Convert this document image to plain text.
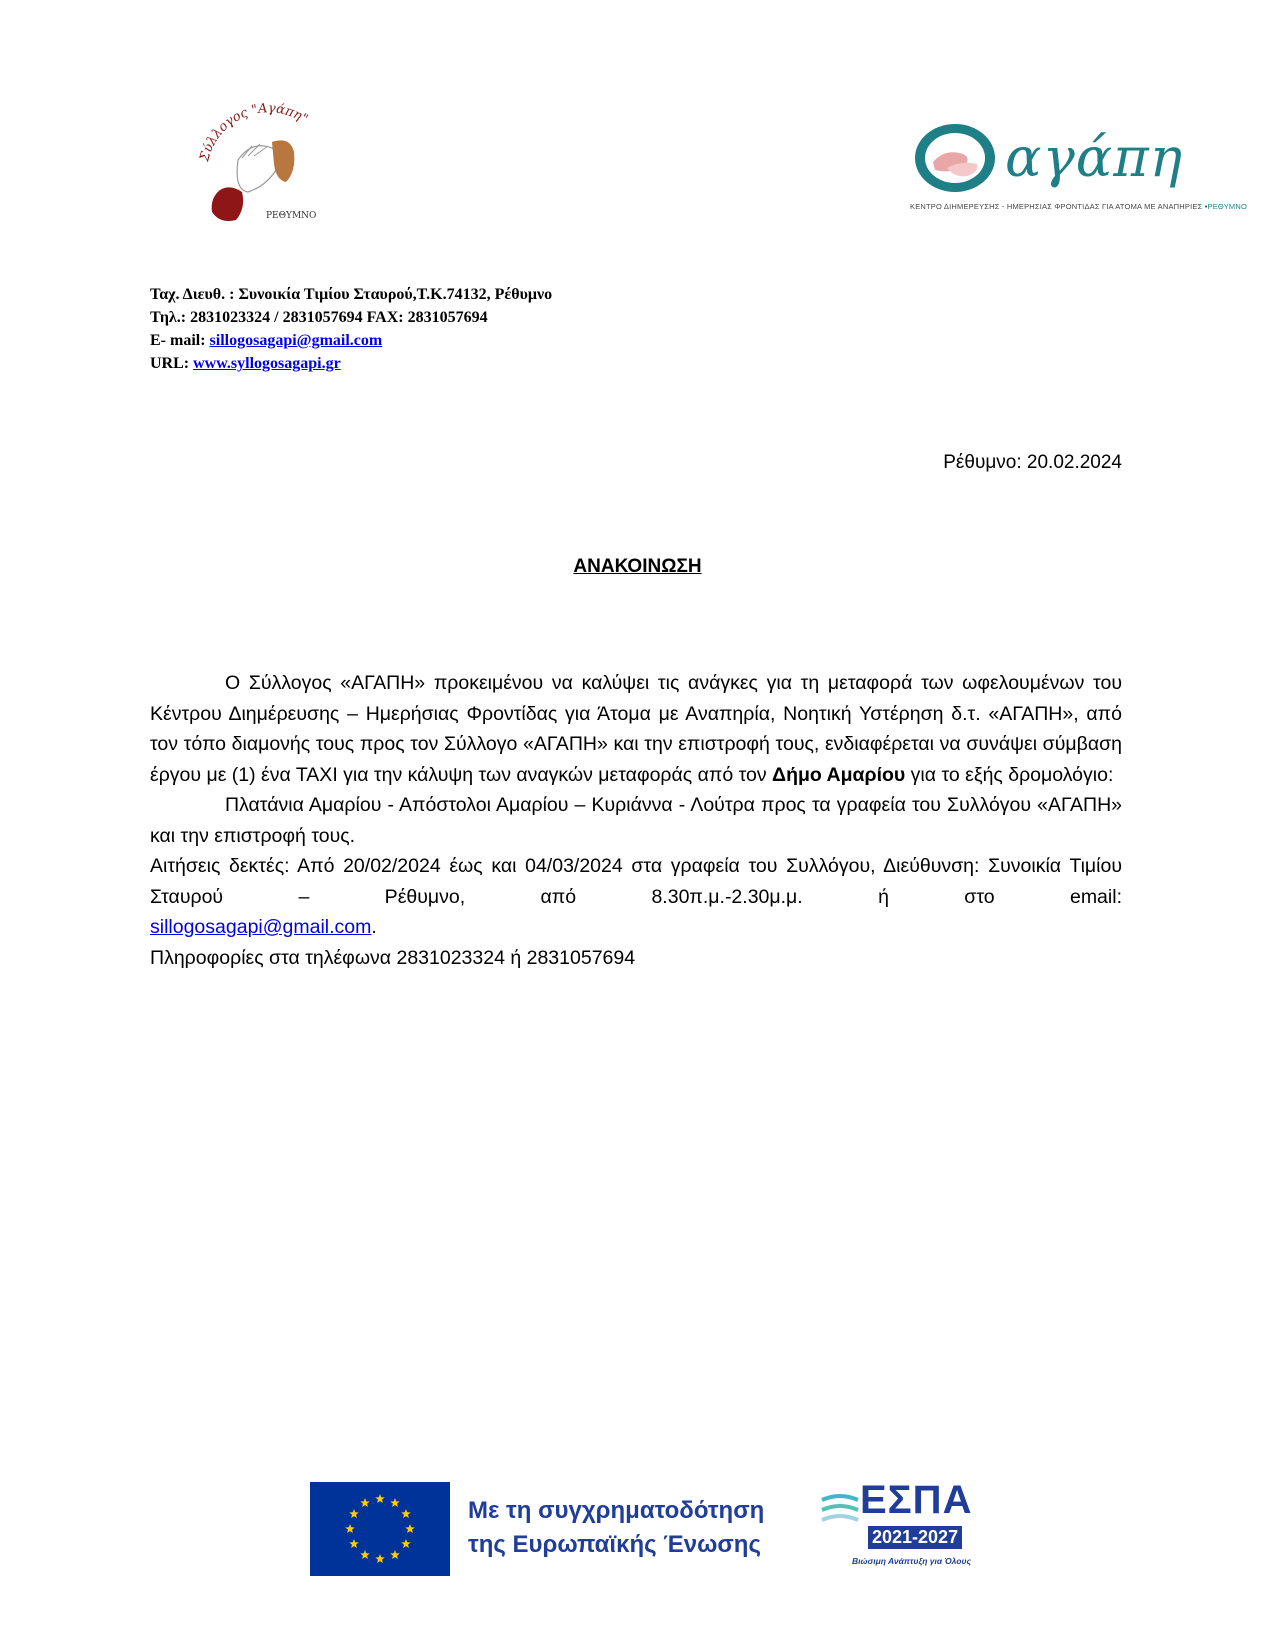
Σύλλογος "Αγάπη"
ΡΕΘΥΜΝΟ
αγάπη
ΚΕΝΤΡΟ ΔΙΗΜΕΡΕΥΣΗΣ - ΗΜΕΡΗΣΙΑΣ ΦΡΟΝΤΙΔΑΣ ΓΙΑ ΑΤΟΜΑ ΜΕ ΑΝΑΠΗΡΙΕΣ •ΡΕΘΥΜΝΟ
Ταχ. Διευθ. : Συνοικία Τιμίου Σταυρού,Τ.Κ.74132, Ρέθυμνο
Τηλ.: 2831023324 / 2831057694 FAX: 2831057694
E- mail: sillogosagapi@gmail.com
URL: www.syllogosagapi.gr
Ρέθυμνο: 20.02.2024
ΑΝΑΚΟΙΝΩΣΗ

Ο Σύλλογος «ΑΓΑΠΗ» προκειμένου να καλύψει τις ανάγκες για τη μεταφορά των ωφελουμένων του Κέντρου Διημέρευσης – Ημερήσιας Φροντίδας για Άτομα με Αναπηρία, Νοητική Υστέρηση δ.τ. «ΑΓΑΠΗ», από τον τόπο διαμονής τους προς τον Σύλλογο «ΑΓΑΠΗ» και την επιστροφή τους, ενδιαφέρεται να συνάψει σύμβαση έργου με (1) ένα ΤΑΧΙ για την κάλυψη των αναγκών μεταφοράς από τον Δήμο Αμαρίου για το εξής δρομολόγιο:

Πλατάνια Αμαρίου - Απόστολοι Αμαρίου – Κυριάννα - Λούτρα προς τα γραφεία του Συλλόγου «ΑΓΑΠΗ» και την επιστροφή τους.

Αιτήσεις δεκτές: Από 20/02/2024 έως και 04/03/2024 στα γραφεία του Συλλόγου, Διεύθυνση: Συνοικία Τιμίου Σταυρού – Ρέθυμνο, από 8.30π.μ.-2.30μ.μ. ή στο email:

sillogosagapi@gmail.com.

Πληροφορίες στα τηλέφωνα 2831023324 ή 2831057694

Με τη συγχρηματοδότηση
της Ευρωπαϊκής Ένωσης
ΕΣΠΑ
2021-2027
Βιώσιμη Ανάπτυξη για Όλους
